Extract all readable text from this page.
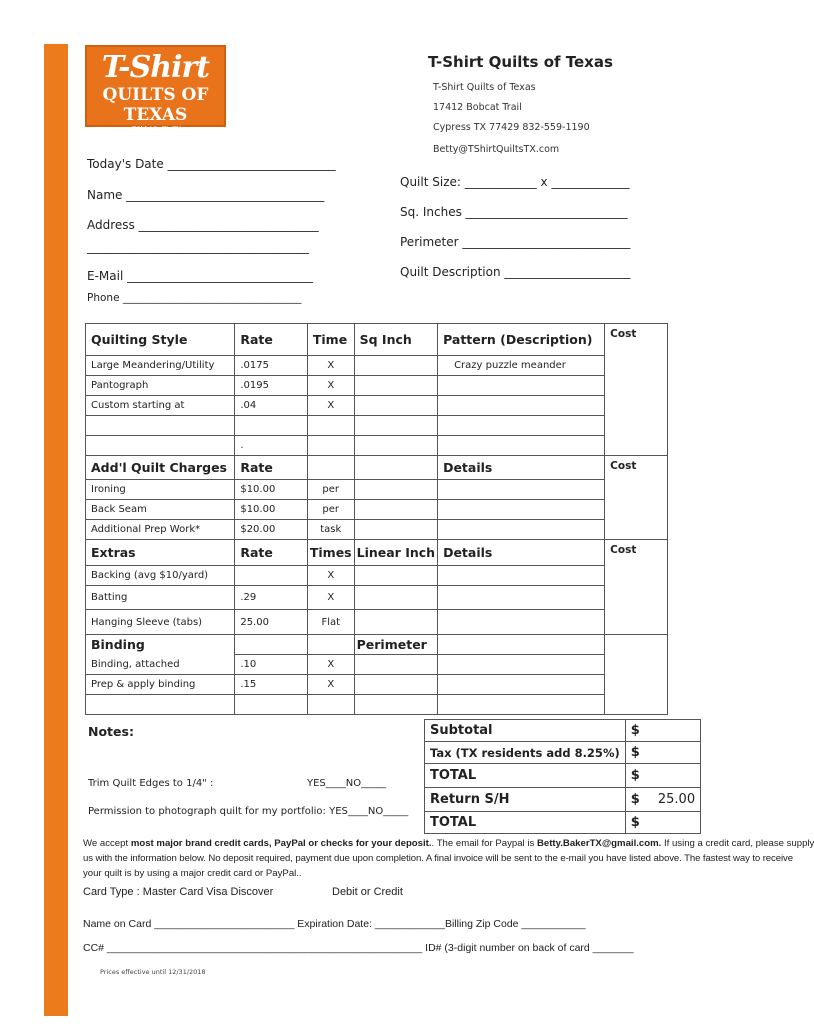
T-Shirt
QUILTS OF TEXAS
www.TShirtQuiltsTX.com
T-Shirt Quilts of Texas
T-Shirt Quilts of Texas
17412 Bobcat Trail
Cypress TX 77429 832-559-1190
Betty@TShirtQuiltsTX.com
Today's Date ____________________________
Name _________________________________
Address ______________________________
_____________________________________
E-Mail _______________________________
Phone __________________________________
Quilt Size: ____________ x _____________
Sq. Inches ___________________________
Perimeter ____________________________
Quilt Description _____________________
Quilting Style	Rate	Time	Sq Inch	Pattern (Description)	Cost
Large Meandering/Utility	.0175	X		Crazy puzzle meander	
Pantograph	.0195	X			
Custom starting at	.04	X			

	.				
Add'l Quilt Charges	Rate			Details	Cost
Ironing	$10.00	per			
Back Seam	$10.00	per			
Additional Prep Work*	$20.00	task			
Extras	Rate	Times	Linear Inch	Details	Cost
Backing (avg $10/yard)		X			
Batting	.29	X			
Hanging Sleeve (tabs)	25.00	Flat			
Binding			Perimeter		
Binding, attached	.10	X			
Prep & apply binding	.15	X			

Notes:
Trim Quilt Edges to 1/4" :	YES____NO_____
Permission to photograph quilt for my portfolio: YES____NO_____
Subtotal	$
Tax (TX residents add 8.25%)	$
TOTAL	$
Return S/H	$ 25.00
TOTAL	$
We accept most major brand credit cards, PayPal or checks for your deposit.. The email for Paypal is Betty.BakerTX@gmail.com. If using a credit card, please supply
us with the information below. No deposit required, payment due upon completion. A final invoice will be sent to the e-mail you have listed above. The fastest way to receive
your quilt is by using a major credit card or PayPal..
Card Type : Master Card Visa Discover	Debit or Credit
Name on Card ________________________ Expiration Date: ____________Billing Zip Code ___________
CC# ______________________________________________________ ID# (3-digit number on back of card _______
Prices effective until 12/31/2018
